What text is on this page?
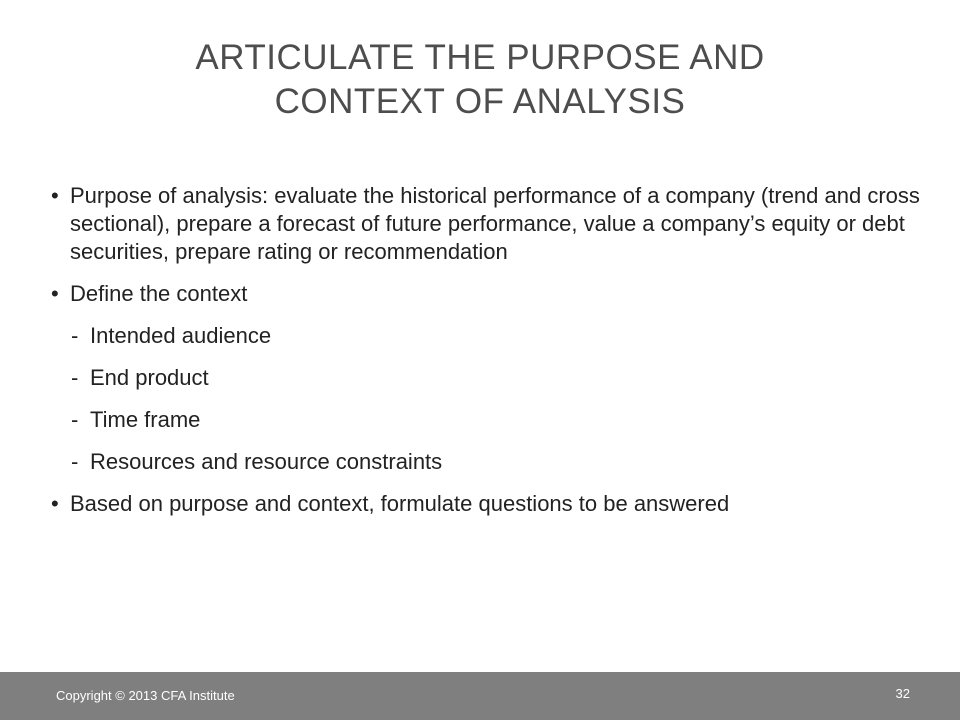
ARTICULATE THE PURPOSE AND
CONTEXT OF ANALYSIS
• Purpose of analysis: evaluate the historical performance of a company (trend and cross sectional), prepare a forecast of future performance, value a company’s equity or debt securities, prepare rating or recommendation
• Define the context
- Intended audience
- End product
- Time frame
- Resources and resource constraints
• Based on purpose and context, formulate questions to be answered
Copyright © 2013 CFA Institute	32
